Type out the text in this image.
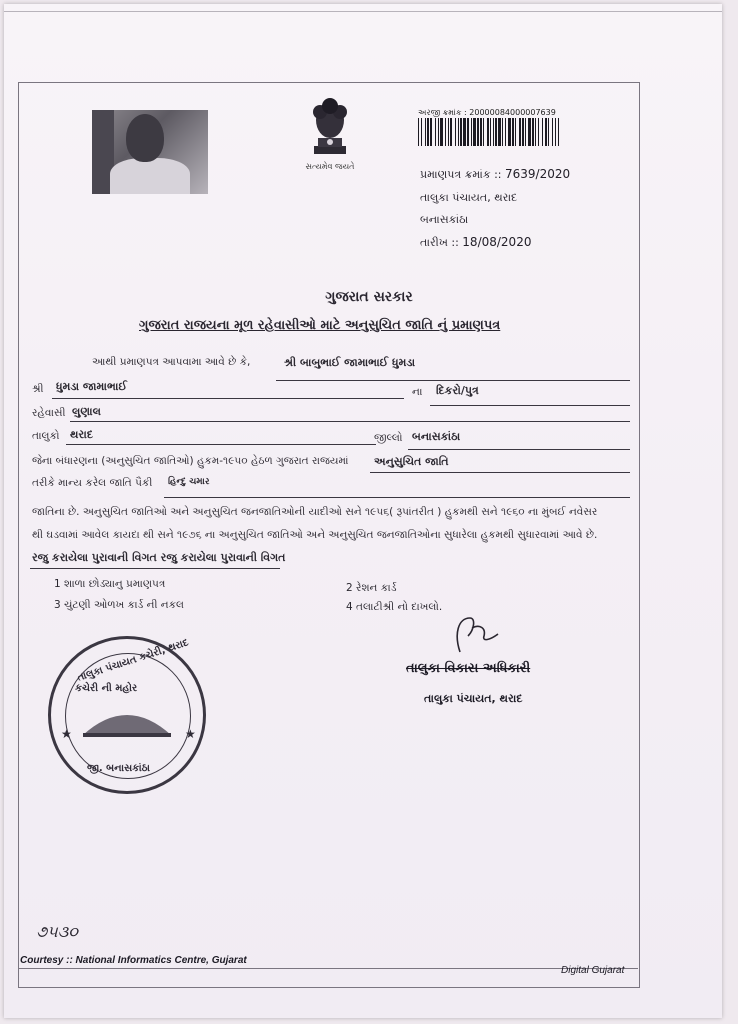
સત્યમેવ જયતે
અરજી ક્રમાંક : 20000084000007639
પ્રમાણપત્ર ક્રમાંક :: 7639/2020
તાલુકા પંચાયત, થરાદ
બનાસકાંઠા
તારીખ :: 18/08/2020
ગુજરાત સરકાર
ગુજરાત રાજયના મૂળ રહેવાસીઓ માટે અનુસુચિત જાતિ નું પ્રમાણપત્ર
આથી પ્રમાણપત્ર આપવામા આવે છે કે,	શ્રી બાબુભાઈ જામાભાઈ ધુમડા
શ્રી ધુમડા જામાભાઈ	ના દિકરો/પુત્ર
રહેવાસી લુણાલ
તાલુકો થરાદ	જીલ્લો બનાસકાંઠા
જેના બંધારણના (અનુસુચિત જાતિઓ) હુકમ-૧૯૫૦ હેઠળ ગુજરાત રાજયમાં અનુસુચિત જાતિ
તરીકે માન્ય કરેલ જાતિ પૈકી હિન્દુ ચમાર
જાતિના છે. અનુસુચિત જાતિઓ અને અનુસુચિત જનજાતિઓની યાદીઓ સને ૧૯૫૬( રૂપાંતરીત ) હુકમથી સને ૧૯૬૦ ના મુંબઈ નવેસર
થી ઘડવામાં આવેલ કાયદા થી સને ૧૯૭૬ ના અનુસુચિત જાતિઓ અને અનુસુચિત જનજાતિઓના સુધારેલા હુકમથી સુધારવામાં આવે છે.
રજુ કરાયેલા પુરાવાની વિગત રજુ કરાયેલા પુરાવાની વિગત
1 શાળા છોડ્યાનુ પ્રમાણપત્ર	2 રેશન કાર્ડ
3 ચુંટણી ઓળખ કાર્ડ ની નકલ	4 તલાટીશ્રી નો દાખલો.
તાલુકા વિકાસ અધિકારી
તાલુકા પંચાયત, થરાદ
તાલુકા પંચાયત કચેરી, થરાદ
કચેરી ની મહોર
જી. બનાસકાંઠા
★	★
૭૫૩૦
Courtesy :: National Informatics Centre, Gujarat
Digital Gujarat
